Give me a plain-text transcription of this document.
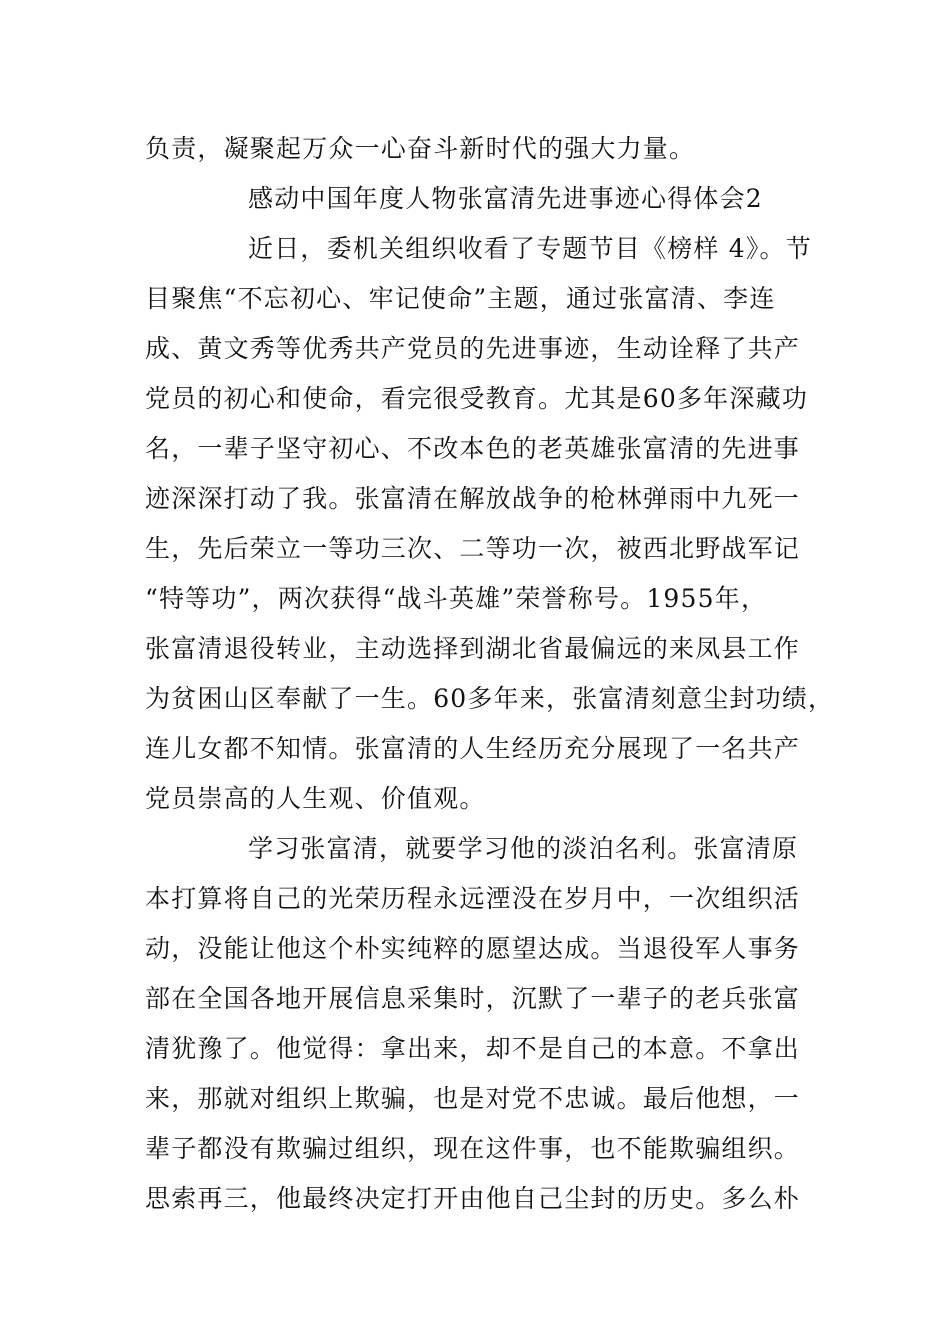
负责，凝聚起万众一心奋斗新时代的强大力量。
感动中国年度人物张富清先进事迹心得体会2
近日，委机关组织收看了专题节目《榜样 4》。节
目聚焦“不忘初心、牢记使命”主题，通过张富清、李连
成、黄文秀等优秀共产党员的先进事迹，生动诠释了共产
党员的初心和使命，看完很受教育。尤其是60多年深藏功
名，一辈子坚守初心、不改本色的老英雄张富清的先进事
迹深深打动了我。张富清在解放战争的枪林弹雨中九死一
生，先后荣立一等功三次、二等功一次，被西北野战军记
“特等功”，两次获得“战斗英雄”荣誉称号。1955年，
张富清退役转业，主动选择到湖北省最偏远的来凤县工作
为贫困山区奉献了一生。60多年来，张富清刻意尘封功绩，
连儿女都不知情。张富清的人生经历充分展现了一名共产
党员崇高的人生观、价值观。
学习张富清，就要学习他的淡泊名利。张富清原
本打算将自己的光荣历程永远湮没在岁月中，一次组织活
动，没能让他这个朴实纯粹的愿望达成。当退役军人事务
部在全国各地开展信息采集时，沉默了一辈子的老兵张富
清犹豫了。他觉得：拿出来，却不是自己的本意。不拿出
来，那就对组织上欺骗，也是对党不忠诚。最后他想，一
辈子都没有欺骗过组织，现在这件事，也不能欺骗组织。
思索再三，他最终决定打开由他自己尘封的历史。多么朴
